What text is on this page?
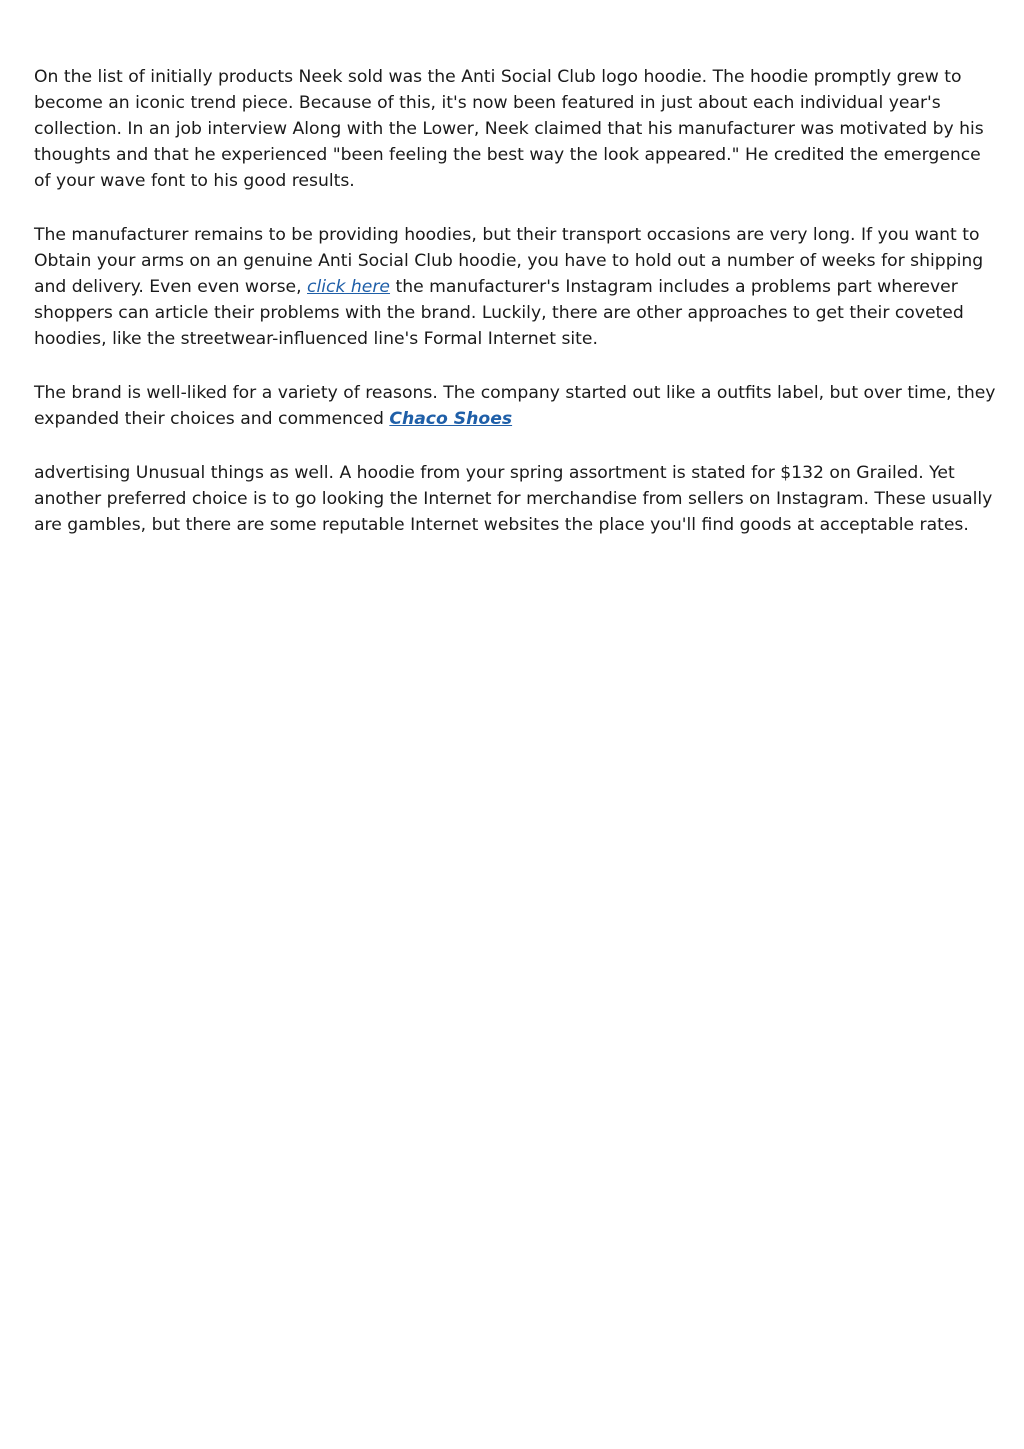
On the list of initially products Neek sold was the Anti Social Club logo hoodie. The hoodie promptly grew to become an iconic trend piece. Because of this, it's now been featured in just about each individual year's collection. In an job interview Along with the Lower, Neek claimed that his manufacturer was motivated by his thoughts and that he experienced "been feeling the best way the look appeared." He credited the emergence of your wave font to his good results.

The manufacturer remains to be providing hoodies, but their transport occasions are very long. If you want to Obtain your arms on an genuine Anti Social Club hoodie, you have to hold out a number of weeks for shipping and delivery. Even even worse, click here the manufacturer's Instagram includes a problems part wherever shoppers can article their problems with the brand. Luckily, there are other approaches to get their coveted hoodies, like the streetwear-influenced line's Formal Internet site.

The brand is well-liked for a variety of reasons. The company started out like a outfits label, but over time, they expanded their choices and commenced Chaco Shoes

advertising Unusual things as well. A hoodie from your spring assortment is stated for $132 on Grailed. Yet another preferred choice is to go looking the Internet for merchandise from sellers on Instagram. These usually are gambles, but there are some reputable Internet websites the place you'll find goods at acceptable rates.
